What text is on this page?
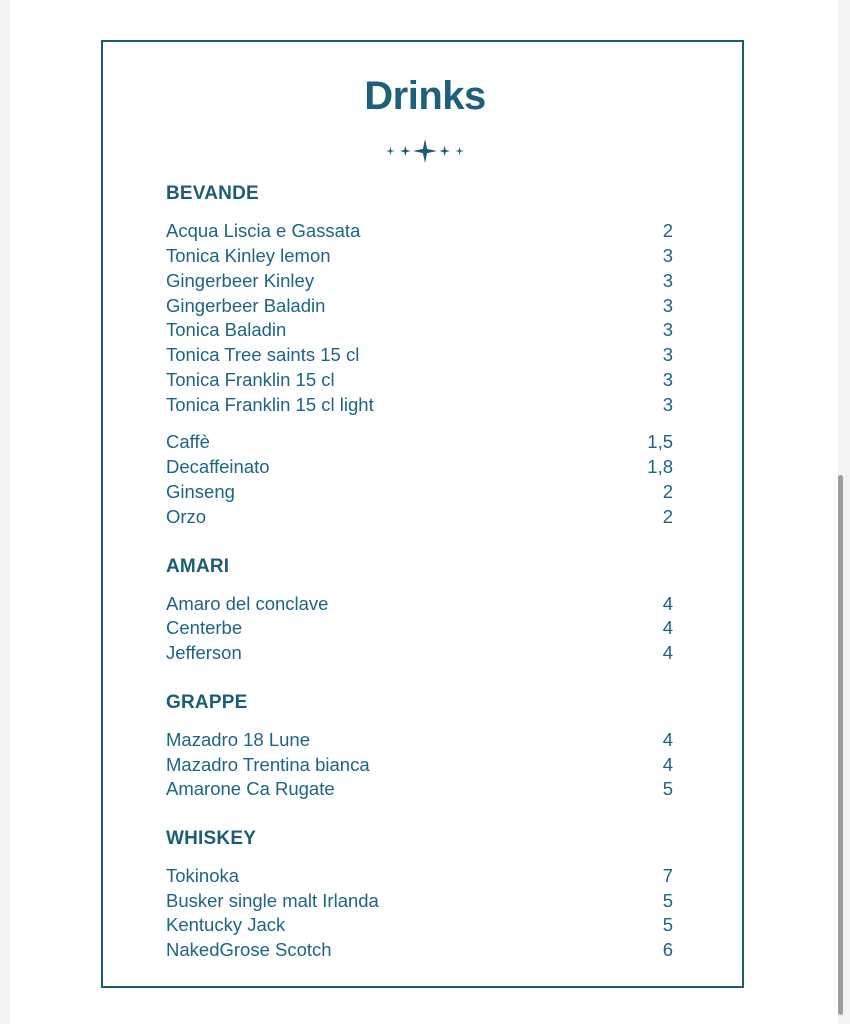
Drinks
BEVANDE
Acqua Liscia e Gassata	2
Tonica Kinley lemon	3
Gingerbeer Kinley	3
Gingerbeer Baladin	3
Tonica Baladin	3
Tonica Tree saints 15 cl	3
Tonica Franklin 15 cl	3
Tonica Franklin 15 cl light	3
Caffè	1,5
Decaffeinato	1,8
Ginseng	2
Orzo	2
AMARI
Amaro del conclave	4
Centerbe	4
Jefferson	4
GRAPPE
Mazadro 18 Lune	4
Mazadro Trentina bianca	4
Amarone Ca Rugate	5
WHISKEY
Tokinoka	7
Busker single malt Irlanda	5
Kentucky Jack	5
NakedGrose Scotch	6
